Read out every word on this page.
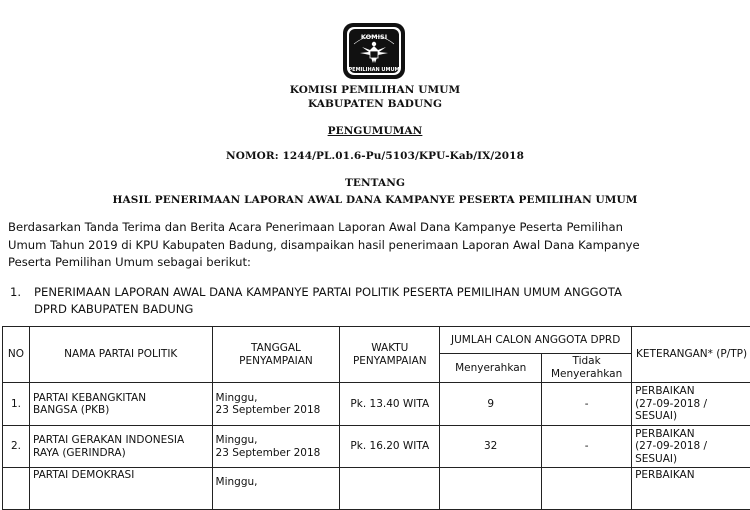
KOMISI
PEMILIHAN UMUM
KOMISI PEMILIHAN UMUM
KABUPATEN BADUNG
PENGUMUMAN
NOMOR: 1244/PL.01.6-Pu/5103/KPU-Kab/IX/2018
TENTANG
HASIL PENERIMAAN LAPORAN AWAL DANA KAMPANYE PESERTA PEMILIHAN UMUM
Berdasarkan Tanda Terima dan Berita Acara Penerimaan Laporan Awal Dana Kampanye Peserta Pemilihan
Umum Tahun 2019 di KPU Kabupaten Badung, disampaikan hasil penerimaan Laporan Awal Dana Kampanye
Peserta Pemilihan Umum sebagai berikut:
1. PENERIMAAN LAPORAN AWAL DANA KAMPANYE PARTAI POLITIK PESERTA PEMILIHAN UMUM ANGGOTA
DPRD KABUPATEN BADUNG
NO	NAMA PARTAI POLITIK	TANGGAL PENYAMPAIAN	WAKTU PENYAMPAIAN	JUMLAH CALON ANGGOTA DPRD		KETERANGAN* (P/TP)
				Menyerahkan	Tidak Menyerahkan	
1.	PARTAI KEBANGKITAN
BANGSA (PKB)	Minggu,
23 September 2018	Pk. 13.40 WITA	9	-	PERBAIKAN
(27-09-2018 /
SESUAI)
2.	PARTAI GERAKAN INDONESIA
RAYA (GERINDRA)	Minggu,
23 September 2018	Pk. 16.20 WITA	32	-	PERBAIKAN
(27-09-2018 /
SESUAI)
	PARTAI DEMOKRASI	Minggu,				PERBAIKAN
